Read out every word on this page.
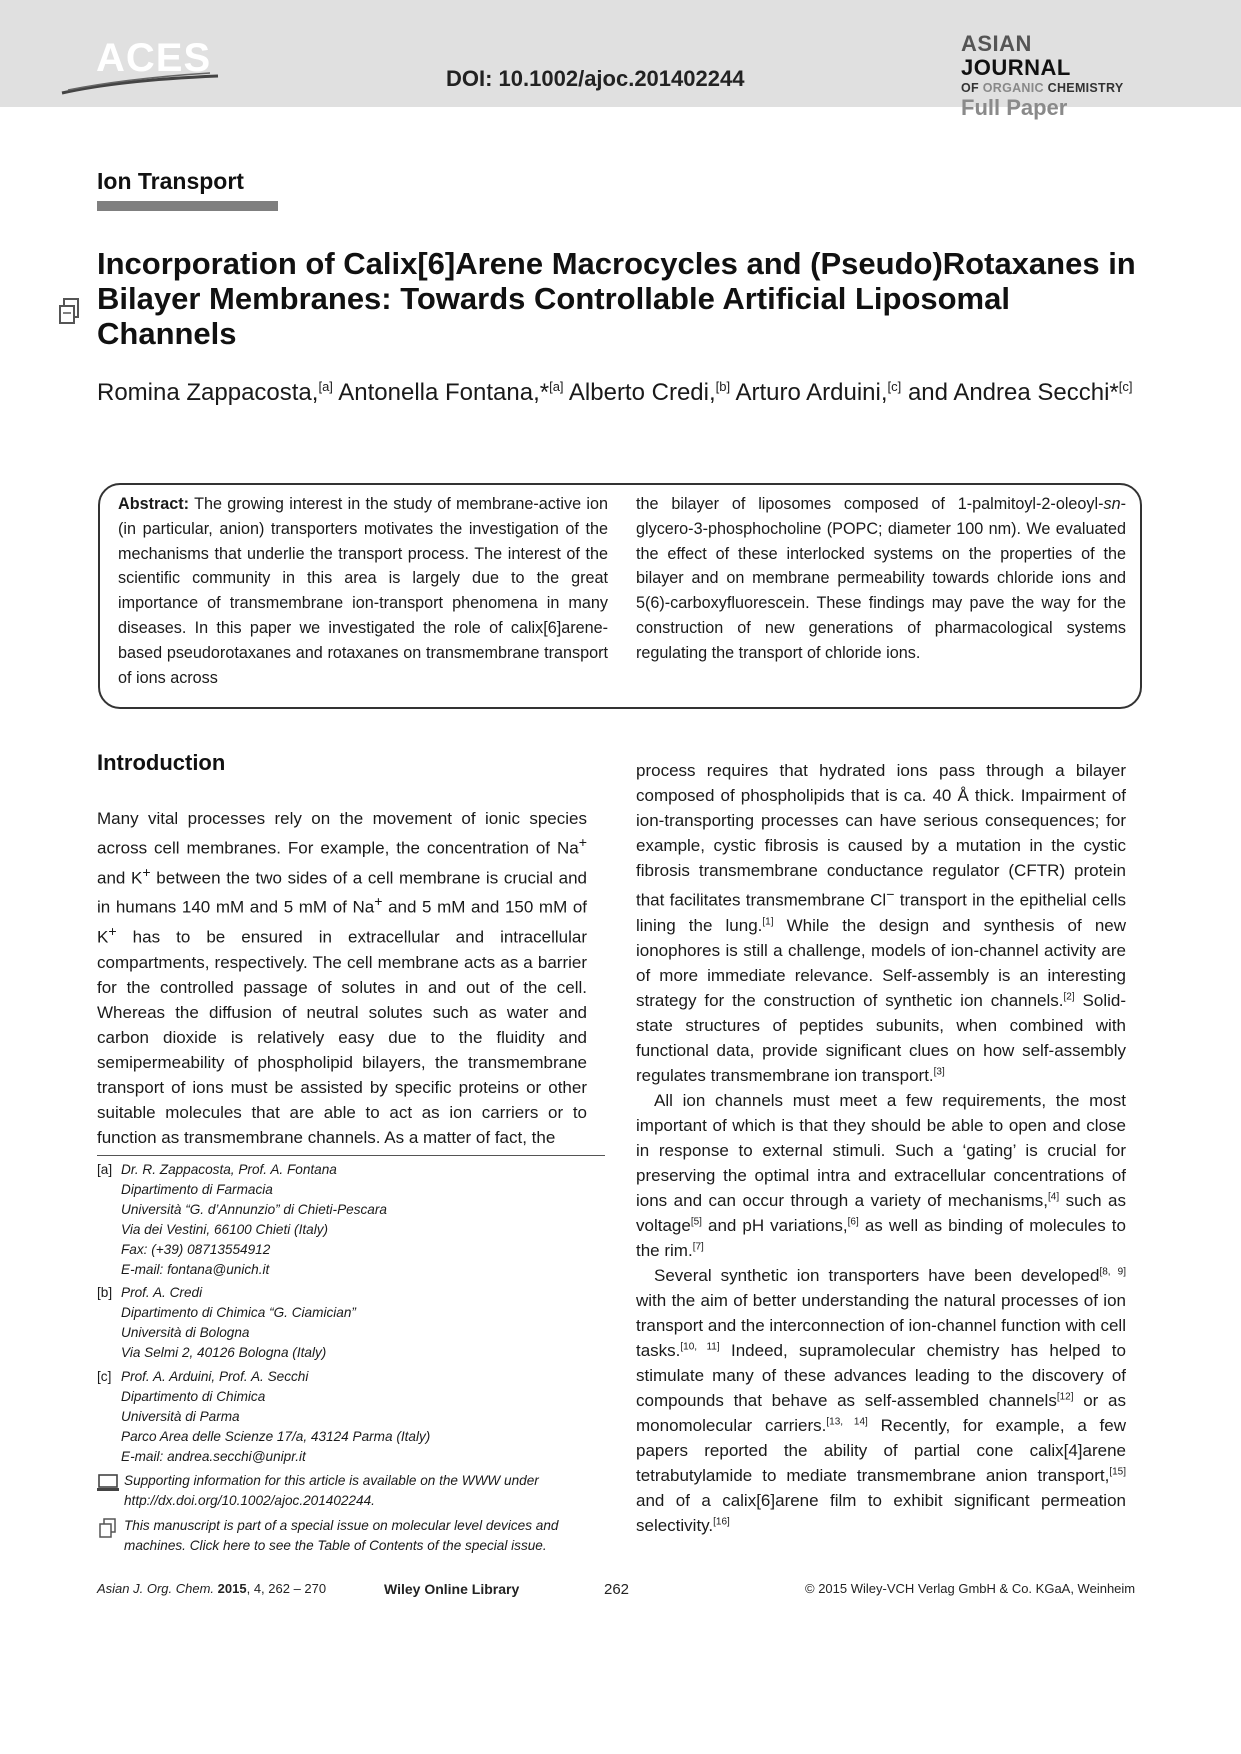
ACES	DOI: 10.1002/ajoc.201402244
ASIAN JOURNAL
OF ORGANIC CHEMISTRY
Full Paper
Ion Transport
Incorporation of Calix[6]Arene Macrocycles and (Pseudo)Rotaxanes in Bilayer Membranes: Towards Controllable Artificial Liposomal Channels
Romina Zappacosta,[a] Antonella Fontana,*[a] Alberto Credi,[b] Arturo Arduini,[c] and Andrea Secchi*[c]
Abstract: The growing interest in the study of membrane-active ion (in particular, anion) transporters motivates the investigation of the mechanisms that underlie the transport process. The interest of the scientific community in this area is largely due to the great importance of transmembrane ion-transport phenomena in many diseases. In this paper we investigated the role of calix[6]arene-based pseudorotaxanes and rotaxanes on transmembrane transport of ions across
the bilayer of liposomes composed of 1-palmitoyl-2-oleoyl-sn-glycero-3-phosphocholine (POPC; diameter 100 nm). We evaluated the effect of these interlocked systems on the properties of the bilayer and on membrane permeability towards chloride ions and 5(6)-carboxyfluorescein. These findings may pave the way for the construction of new generations of pharmacological systems regulating the transport of chloride ions.
Introduction

Many vital processes rely on the movement of ionic species across cell membranes. For example, the concentration of Na+ and K+ between the two sides of a cell membrane is crucial and in humans 140 mM and 5 mM of Na+ and 5 mM and 150 mM of K+ has to be ensured in extracellular and intracellular compartments, respectively. The cell membrane acts as a barrier for the controlled passage of solutes in and out of the cell. Whereas the diffusion of neutral solutes such as water and carbon dioxide is relatively easy due to the fluidity and semipermeability of phospholipid bilayers, the transmembrane transport of ions must be assisted by specific proteins or other suitable molecules that are able to act as ion carriers or to function as transmembrane channels. As a matter of fact, the

process requires that hydrated ions pass through a bilayer composed of phospholipids that is ca. 40 Å thick. Impairment of ion-transporting processes can have serious consequences; for example, cystic fibrosis is caused by a mutation in the cystic fibrosis transmembrane conductance regulator (CFTR) protein that facilitates transmembrane Cl− transport in the epithelial cells lining the lung.[1] While the design and synthesis of new ionophores is still a challenge, models of ion-channel activity are of more immediate relevance. Self-assembly is an interesting strategy for the construction of synthetic ion channels.[2] Solid-state structures of peptides subunits, when combined with functional data, provide significant clues on how self-assembly regulates transmembrane ion transport.[3]

All ion channels must meet a few requirements, the most important of which is that they should be able to open and close in response to external stimuli. Such a ‘gating’ is crucial for preserving the optimal intra and extracellular concentrations of ions and can occur through a variety of mechanisms,[4] such as voltage[5] and pH variations,[6] as well as binding of molecules to the rim.[7]

Several synthetic ion transporters have been developed[8, 9] with the aim of better understanding the natural processes of ion transport and the interconnection of ion-channel function with cell tasks.[10, 11] Indeed, supramolecular chemistry has helped to stimulate many of these advances leading to the discovery of compounds that behave as self-assembled channels[12] or as monomolecular carriers.[13, 14] Recently, for example, a few papers reported the ability of partial cone calix[4]arene tetrabutylamide to mediate transmembrane anion transport,[15] and of a calix[6]arene film to exhibit significant permeation selectivity.[16]

[a] Dr. R. Zappacosta, Prof. A. Fontana
Dipartimento di Farmacia
Università “G. d’Annunzio” di Chieti-Pescara
Via dei Vestini, 66100 Chieti (Italy)
Fax: (+39) 08713554912
E-mail: fontana@unich.it
[b] Prof. A. Credi
Dipartimento di Chimica “G. Ciamician”
Università di Bologna
Via Selmi 2, 40126 Bologna (Italy)
[c] Prof. A. Arduini, Prof. A. Secchi
Dipartimento di Chimica
Università di Parma
Parco Area delle Scienze 17/a, 43124 Parma (Italy)
E-mail: andrea.secchi@unipr.it
Supporting information for this article is available on the WWW under http://dx.doi.org/10.1002/ajoc.201402244.
This manuscript is part of a special issue on molecular level devices and machines. Click here to see the Table of Contents of the special issue.
Asian J. Org. Chem. 2015, 4, 262 – 270	Wiley Online Library	262	© 2015 Wiley-VCH Verlag GmbH & Co. KGaA, Weinheim
